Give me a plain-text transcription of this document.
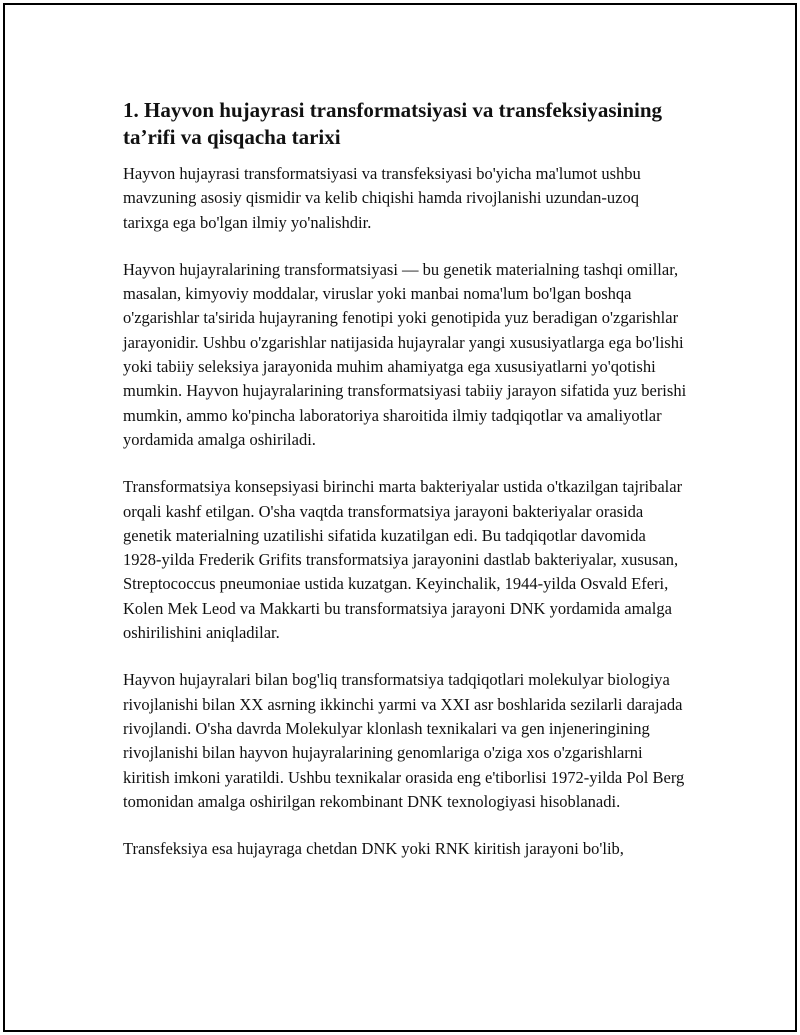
1. Hayvon hujayrasi transformatsiyasi va transfeksiyasining ta’rifi va qisqacha tarixi

Hayvon hujayrasi transformatsiyasi va transfeksiyasi bo'yicha ma'lumot ushbu mavzuning asosiy qismidir va kelib chiqishi hamda rivojlanishi uzundan-uzoq tarixga ega bo'lgan ilmiy yo'nalishdir.

Hayvon hujayralarining transformatsiyasi — bu genetik materialning tashqi omillar, masalan, kimyoviy moddalar, viruslar yoki manbai noma'lum bo'lgan boshqa o'zgarishlar ta'sirida hujayraning fenotipi yoki genotipida yuz beradigan o'zgarishlar jarayonidir. Ushbu o'zgarishlar natijasida hujayralar yangi xususiyatlarga ega bo'lishi yoki tabiiy seleksiya jarayonida muhim ahamiyatga ega xususiyatlarni yo'qotishi mumkin. Hayvon hujayralarining transformatsiyasi tabiiy jarayon sifatida yuz berishi mumkin, ammo ko'pincha laboratoriya sharoitida ilmiy tadqiqotlar va amaliyotlar yordamida amalga oshiriladi.

Transformatsiya konsepsiyasi birinchi marta bakteriyalar ustida o'tkazilgan tajribalar orqali kashf etilgan. O'sha vaqtda transformatsiya jarayoni bakteriyalar orasida genetik materialning uzatilishi sifatida kuzatilgan edi. Bu tadqiqotlar davomida 1928-yilda Frederik Grifits transformatsiya jarayonini dastlab bakteriyalar, xususan, Streptococcus pneumoniae ustida kuzatgan. Keyinchalik, 1944-yilda Osvald Eferi, Kolen Mek Leod va Makkarti bu transformatsiya jarayoni DNK yordamida amalga oshirilishini aniqladilar.

Hayvon hujayralari bilan bog'liq transformatsiya tadqiqotlari molekulyar biologiya rivojlanishi bilan XX asrning ikkinchi yarmi va XXI asr boshlarida sezilarli darajada rivojlandi. O'sha davrda Molekulyar klonlash texnikalari va gen injeneringining rivojlanishi bilan hayvon hujayralarining genomlariga o'ziga xos o'zgarishlarni kiritish imkoni yaratildi. Ushbu texnikalar orasida eng e'tiborlisi 1972-yilda Pol Berg tomonidan amalga oshirilgan rekombinant DNK texnologiyasi hisoblanadi.

Transfeksiya esa hujayraga chetdan DNK yoki RNK kiritish jarayoni bo'lib,
